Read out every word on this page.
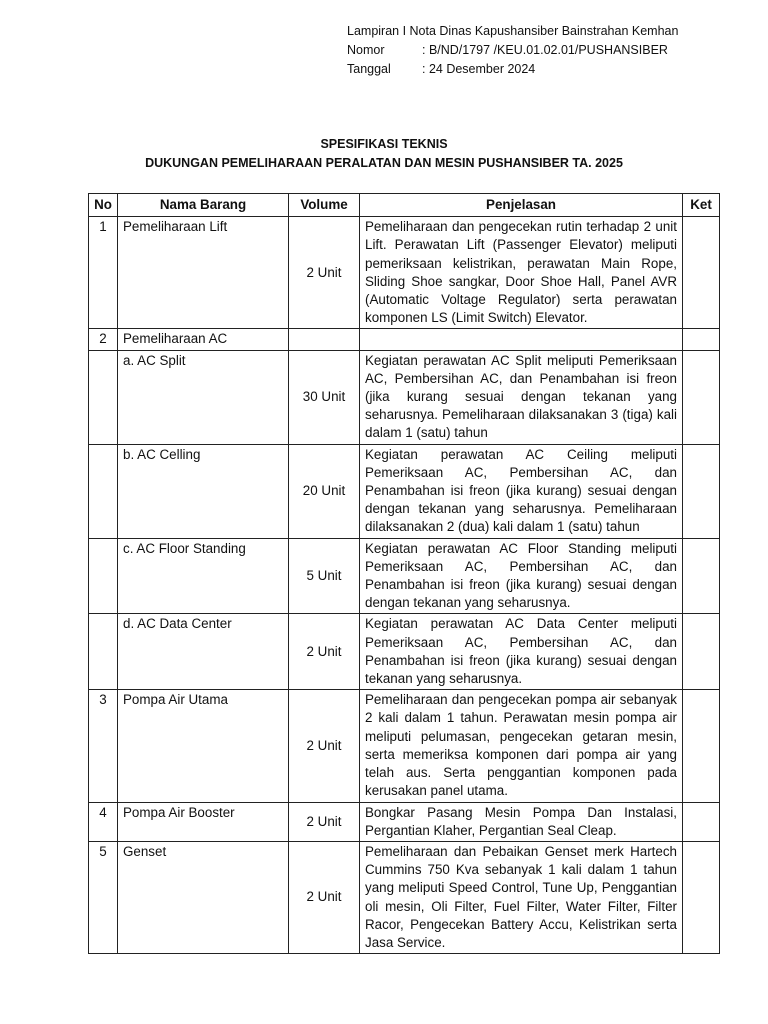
Lampiran I Nota Dinas Kapushansiber Bainstrahan Kemhan
Nomor	: B/ND/1797 /KEU.01.02.01/PUSHANSIBER
Tanggal	: 24 Desember 2024
SPESIFIKASI TEKNIS
DUKUNGAN PEMELIHARAAN PERALATAN DAN MESIN PUSHANSIBER TA. 2025
No	Nama Barang	Volume	Penjelasan	Ket
1	Pemeliharaan Lift	2 Unit	Pemeliharaan dan pengecekan rutin terhadap 2 unit Lift. Perawatan Lift (Passenger Elevator) meliputi pemeriksaan kelistrikan, perawatan Main Rope, Sliding Shoe sangkar, Door Shoe Hall, Panel AVR (Automatic Voltage Regulator) serta perawatan komponen LS (Limit Switch) Elevator.	
2	Pemeliharaan AC			
	a. AC Split	30 Unit	Kegiatan perawatan AC Split meliputi Pemeriksaan AC, Pembersihan AC, dan Penambahan isi freon (jika kurang sesuai dengan tekanan yang seharusnya. Pemeliharaan dilaksanakan 3 (tiga) kali dalam 1 (satu) tahun	
	b. AC Celling	20 Unit	Kegiatan perawatan AC Ceiling meliputi Pemeriksaan AC, Pembersihan AC, dan Penambahan isi freon (jika kurang) sesuai dengan dengan tekanan yang seharusnya. Pemeliharaan dilaksanakan 2 (dua) kali dalam 1 (satu) tahun	
	c. AC Floor Standing	5 Unit	Kegiatan perawatan AC Floor Standing meliputi Pemeriksaan AC, Pembersihan AC, dan Penambahan isi freon (jika kurang) sesuai dengan dengan tekanan yang seharusnya.	
	d. AC Data Center	2 Unit	Kegiatan perawatan AC Data Center meliputi Pemeriksaan AC, Pembersihan AC, dan Penambahan isi freon (jika kurang) sesuai dengan tekanan yang seharusnya.	
3	Pompa Air Utama	2 Unit	Pemeliharaan dan pengecekan pompa air sebanyak 2 kali dalam 1 tahun. Perawatan mesin pompa air meliputi pelumasan, pengecekan getaran mesin, serta memeriksa komponen dari pompa air yang telah aus. Serta penggantian komponen pada kerusakan panel utama.	
4	Pompa Air Booster	2 Unit	Bongkar Pasang Mesin Pompa Dan Instalasi, Pergantian Klaher, Pergantian Seal Cleap.	
5	Genset	2 Unit	Pemeliharaan dan Pebaikan Genset merk Hartech Cummins 750 Kva sebanyak 1 kali dalam 1 tahun yang meliputi Speed Control, Tune Up, Penggantian oli mesin, Oli Filter, Fuel Filter, Water Filter, Filter Racor, Pengecekan Battery Accu, Kelistrikan serta Jasa Service.	
